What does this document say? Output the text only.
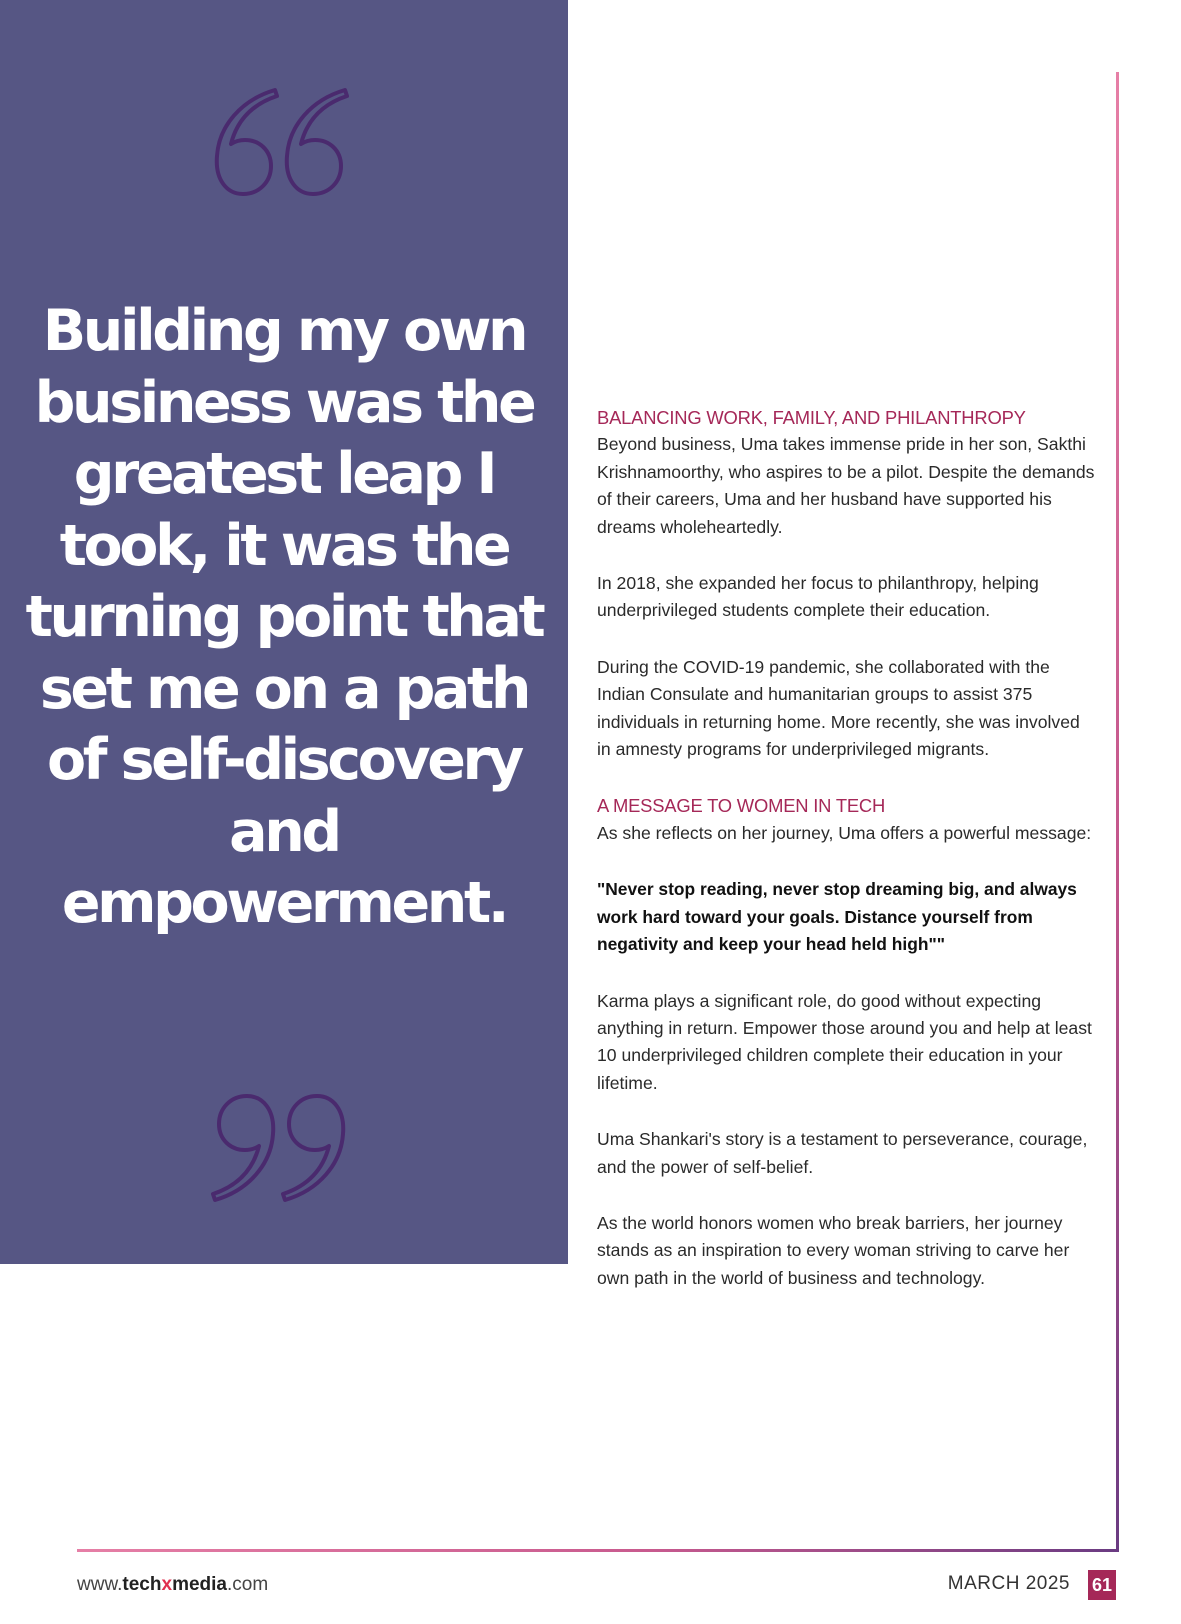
Building my own business was the greatest leap I took, it was the turning point that set me on a path of self-discovery and empowerment.

BALANCING WORK, FAMILY, AND PHILANTHROPY

Beyond business, Uma takes immense pride in her son, Sakthi Krishnamoorthy, who aspires to be a pilot. Despite the demands of their careers, Uma and her husband have supported his dreams wholeheartedly.

In 2018, she expanded her focus to philanthropy, helping underprivileged students complete their education.

During the COVID-19 pandemic, she collaborated with the Indian Consulate and humanitarian groups to assist 375 individuals in returning home. More recently, she was involved in amnesty programs for underprivileged migrants.

A MESSAGE TO WOMEN IN TECH

As she reflects on her journey, Uma offers a powerful message:

"Never stop reading, never stop dreaming big, and always work hard toward your goals. Distance yourself from negativity and keep your head held high""

Karma plays a significant role, do good without expecting anything in return. Empower those around you and help at least 10 underprivileged children complete their education in your lifetime.

Uma Shankari's story is a testament to perseverance, courage, and the power of self-belief.

As the world honors women who break barriers, her journey stands as an inspiration to every woman striving to carve her own path in the world of business and technology.

www.techxmedia.com	MARCH 2025 61
